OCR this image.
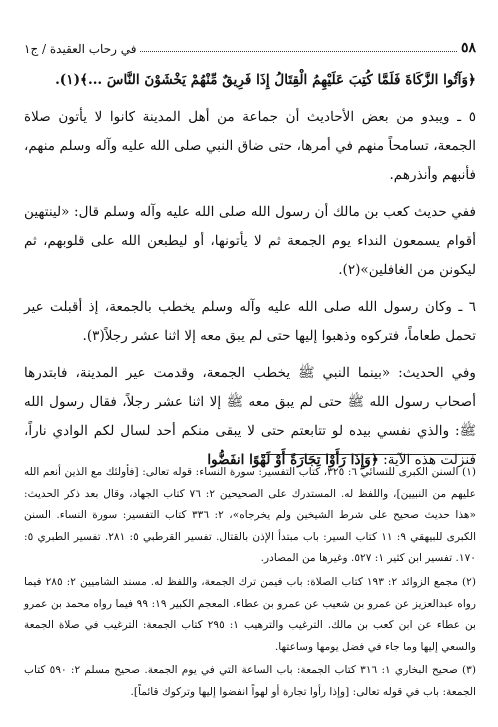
٥٨
في رحاب العقيدة / ج١

﴿وَآتُوا الزَّكَاةَ فَلَمَّا كُتِبَ عَلَيْهِمُ الْقِتَالُ إِذَا فَرِيقٌ مِّنْهُمْ يَخْشَوْنَ النَّاسَ ...﴾(١).

٥ ـ ويبدو من بعض الأحاديث أن جماعة من أهل المدينة كانوا لا يأتون صلاة الجمعة، تسامحاً منهم في أمرها، حتى ضاق النبي صلى الله عليه وآله وسلم منهم، فأنبهم وأنذرهم.

ففي حديث كعب بن مالك أن رسول الله صلى الله عليه وآله وسلم قال: «لينتهين أقوام يسمعون النداء يوم الجمعة ثم لا يأتونها، أو ليطبعن الله على قلوبهم، ثم ليكونن من الغافلين»(٢).

٦ ـ وكان رسول الله صلى الله عليه وآله وسلم يخطب بالجمعة، إذ أقبلت عير تحمل طعاماً، فتركوه وذهبوا إليها حتى لم يبق معه إلا اثنا عشر رجلاً(٣).

وفي الحديث: «بينما النبي ﷺ يخطب الجمعة، وقدمت عير المدينة، فابتدرها أصحاب رسول الله ﷺ حتى لم يبق معه ﷺ إلا اثنا عشر رجلاً، فقال رسول الله ﷺ: والذي نفسي بيده لو تتابعتم حتى لا يبقى منكم أحد لسال لكم الوادي ناراً، فنزلت هذه الآية: ﴿وَإِذَا رَأَوْا تِجَارَةً أَوْ لَهْوًا انفَضُّوا

(١) السنن الكبرى للنسائي ٦: ٣٢٥، كتاب التفسير: سورة النساء: قوله تعالى: [فأولئك مع الذين أنعم الله عليهم من النبيين]، واللفظ له. المستدرك على الصحيحين ٢: ٧٦ كتاب الجهاد، وقال بعد ذكر الحديث: «هذا حديث صحيح على شرط الشيخين ولم يخرجاه»، ٢: ٣٣٦ كتاب التفسير: سورة النساء. السنن الكبرى للبيهقي ٩: ١١ كتاب السير: باب مبتدأ الإذن بالقتال. تفسير القرطبي ٥: ٢٨١. تفسير الطبري ٥: ١٧٠. تفسير ابن كثير ١: ٥٢٧. وغيرها من المصادر.

(٢) مجمع الزوائد ٢: ١٩٣ كتاب الصلاة: باب فيمن ترك الجمعة، واللفظ له. مسند الشاميين ٢: ٢٨٥ فيما رواه عبدالعزيز عن عمرو بن شعيب عن عمرو بن عطاء. المعجم الكبير ١٩: ٩٩ فيما رواه محمد بن عمرو بن عطاء عن ابن كعب بن مالك. الترغيب والترهيب ١: ٢٩٥ كتاب الجمعة: الترغيب في صلاة الجمعة والسعي إليها وما جاء في فضل يومها وساعتها.

(٣) صحيح البخاري ١: ٣١٦ كتاب الجمعة: باب الساعة التي في يوم الجمعة. صحيح مسلم ٢: ٥٩٠ كتاب الجمعة: باب في قوله تعالى: [وإذا رأوا تجارة أو لهواً انفضوا إليها وتركوك قائماً].
